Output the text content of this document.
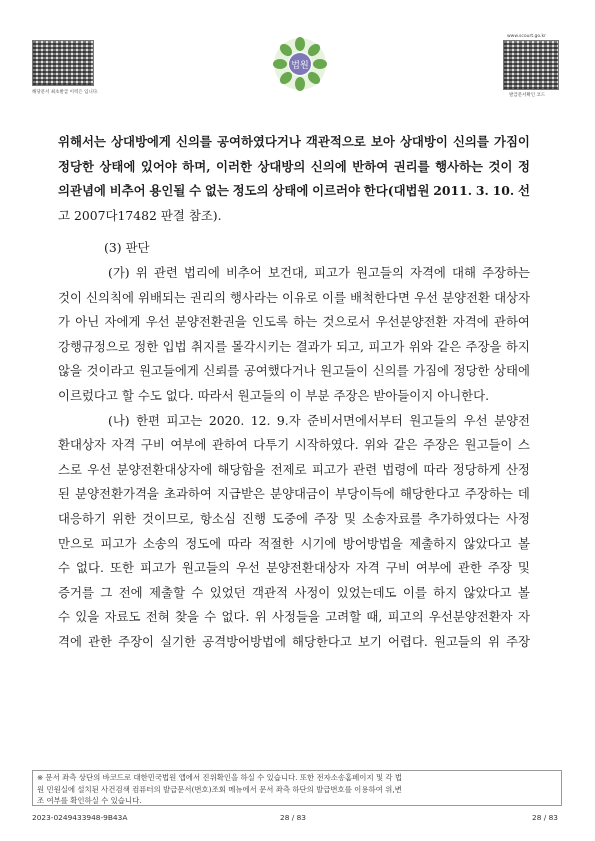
해당문서 최초발급 이력은 입니다.
법원
www.scourt.go.kr
발급문서확인 코드
위해서는 상대방에게 신의를 공여하였다거나 객관적으로 보아 상대방이 신의를 가짐이
정당한 상태에 있어야 하며, 이러한 상대방의 신의에 반하여 권리를 행사하는 것이 정
의관념에 비추어 용인될 수 없는 정도의 상태에 이르러야 한다(대법원 2011. 3. 10. 선
고 2007다17482 판결 참조).
(3) 판단
(가) 위 관련 법리에 비추어 보건대, 피고가 원고들의 자격에 대해 주장하는
것이 신의칙에 위배되는 권리의 행사라는 이유로 이를 배척한다면 우선 분양전환 대상자
가 아닌 자에게 우선 분양전환권을 인도록 하는 것으로서 우선분양전환 자격에 관하여
강행규정으로 정한 입법 취지를 몰각시키는 결과가 되고, 피고가 위와 같은 주장을 하지
않을 것이라고 원고들에게 신뢰를 공여했다거나 원고들이 신의를 가짐에 정당한 상태에
이르렀다고 할 수도 없다. 따라서 원고들의 이 부분 주장은 받아들이지 아니한다.
(나) 한편 피고는 2020. 12. 9.자 준비서면에서부터 원고들의 우선 분양전
환대상자 자격 구비 여부에 관하여 다투기 시작하였다. 위와 같은 주장은 원고들이 스
스로 우선 분양전환대상자에 해당함을 전제로 피고가 관련 법령에 따라 정당하게 산정
된 분양전환가격을 초과하여 지급받은 분양대금이 부당이득에 해당한다고 주장하는 데
대응하기 위한 것이므로, 항소심 진행 도중에 주장 및 소송자료를 추가하였다는 사정
만으로 피고가 소송의 정도에 따라 적절한 시기에 방어방법을 제출하지 않았다고 볼
수 없다. 또한 피고가 원고들의 우선 분양전환대상자 자격 구비 여부에 관한 주장 및
증거를 그 전에 제출할 수 있었던 객관적 사정이 있었는데도 이를 하지 않았다고 볼
수 있을 자료도 전혀 찾을 수 없다. 위 사정들을 고려할 때, 피고의 우선분양전환자 자
격에 관한 주장이 실기한 공격방어방법에 해당한다고 보기 어렵다. 원고들의 위 주장
※ 문서 좌측 상단의 바코드로 대한민국법원 앱에서 진위확인을 하실 수 있습니다. 또한 전자소송홈페이지 및 각 법
원 민원실에 설치된 사건검색 컴퓨터의 발급문서(번호)조회 메뉴에서 문서 좌측 하단의 발급번호를 이용하여 위,변
조 여부를 확인하실 수 있습니다.
2023-0249433948-9B43A	28 / 83	28 / 83
